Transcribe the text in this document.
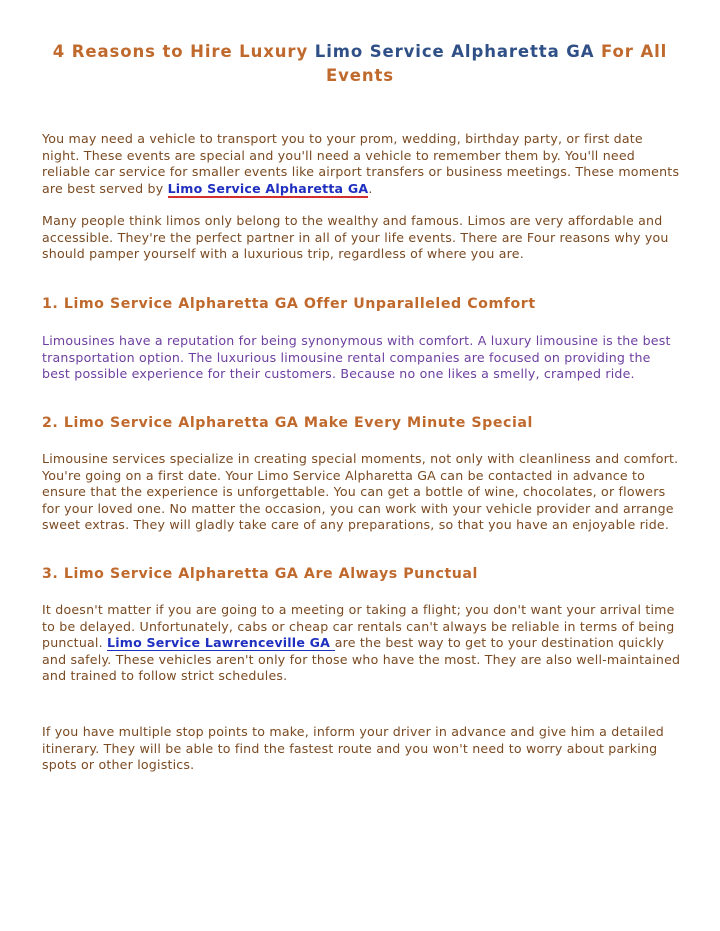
4 Reasons to Hire Luxury Limo Service Alpharetta GA For All Events

You may need a vehicle to transport you to your prom, wedding, birthday party, or first date night. These events are special and you'll need a vehicle to remember them by. You'll need reliable car service for smaller events like airport transfers or business meetings. These moments are best served by Limo Service Alpharetta GA.

Many people think limos only belong to the wealthy and famous. Limos are very affordable and accessible. They're the perfect partner in all of your life events. There are Four reasons why you should pamper yourself with a luxurious trip, regardless of where you are.

1. Limo Service Alpharetta GA Offer Unparalleled Comfort

Limousines have a reputation for being synonymous with comfort. A luxury limousine is the best transportation option. The luxurious limousine rental companies are focused on providing the best possible experience for their customers. Because no one likes a smelly, cramped ride.

2. Limo Service Alpharetta GA Make Every Minute Special

Limousine services specialize in creating special moments, not only with cleanliness and comfort. You're going on a first date. Your Limo Service Alpharetta GA can be contacted in advance to ensure that the experience is unforgettable. You can get a bottle of wine, chocolates, or flowers for your loved one. No matter the occasion, you can work with your vehicle provider and arrange sweet extras. They will gladly take care of any preparations, so that you have an enjoyable ride.

3. Limo Service Alpharetta GA Are Always Punctual

It doesn't matter if you are going to a meeting or taking a flight; you don't want your arrival time to be delayed. Unfortunately, cabs or cheap car rentals can't always be reliable in terms of being punctual. Limo Service Lawrenceville GA are the best way to get to your destination quickly and safely. These vehicles aren't only for those who have the most. They are also well-maintained and trained to follow strict schedules.

If you have multiple stop points to make, inform your driver in advance and give him a detailed itinerary. They will be able to find the fastest route and you won't need to worry about parking spots or other logistics.
